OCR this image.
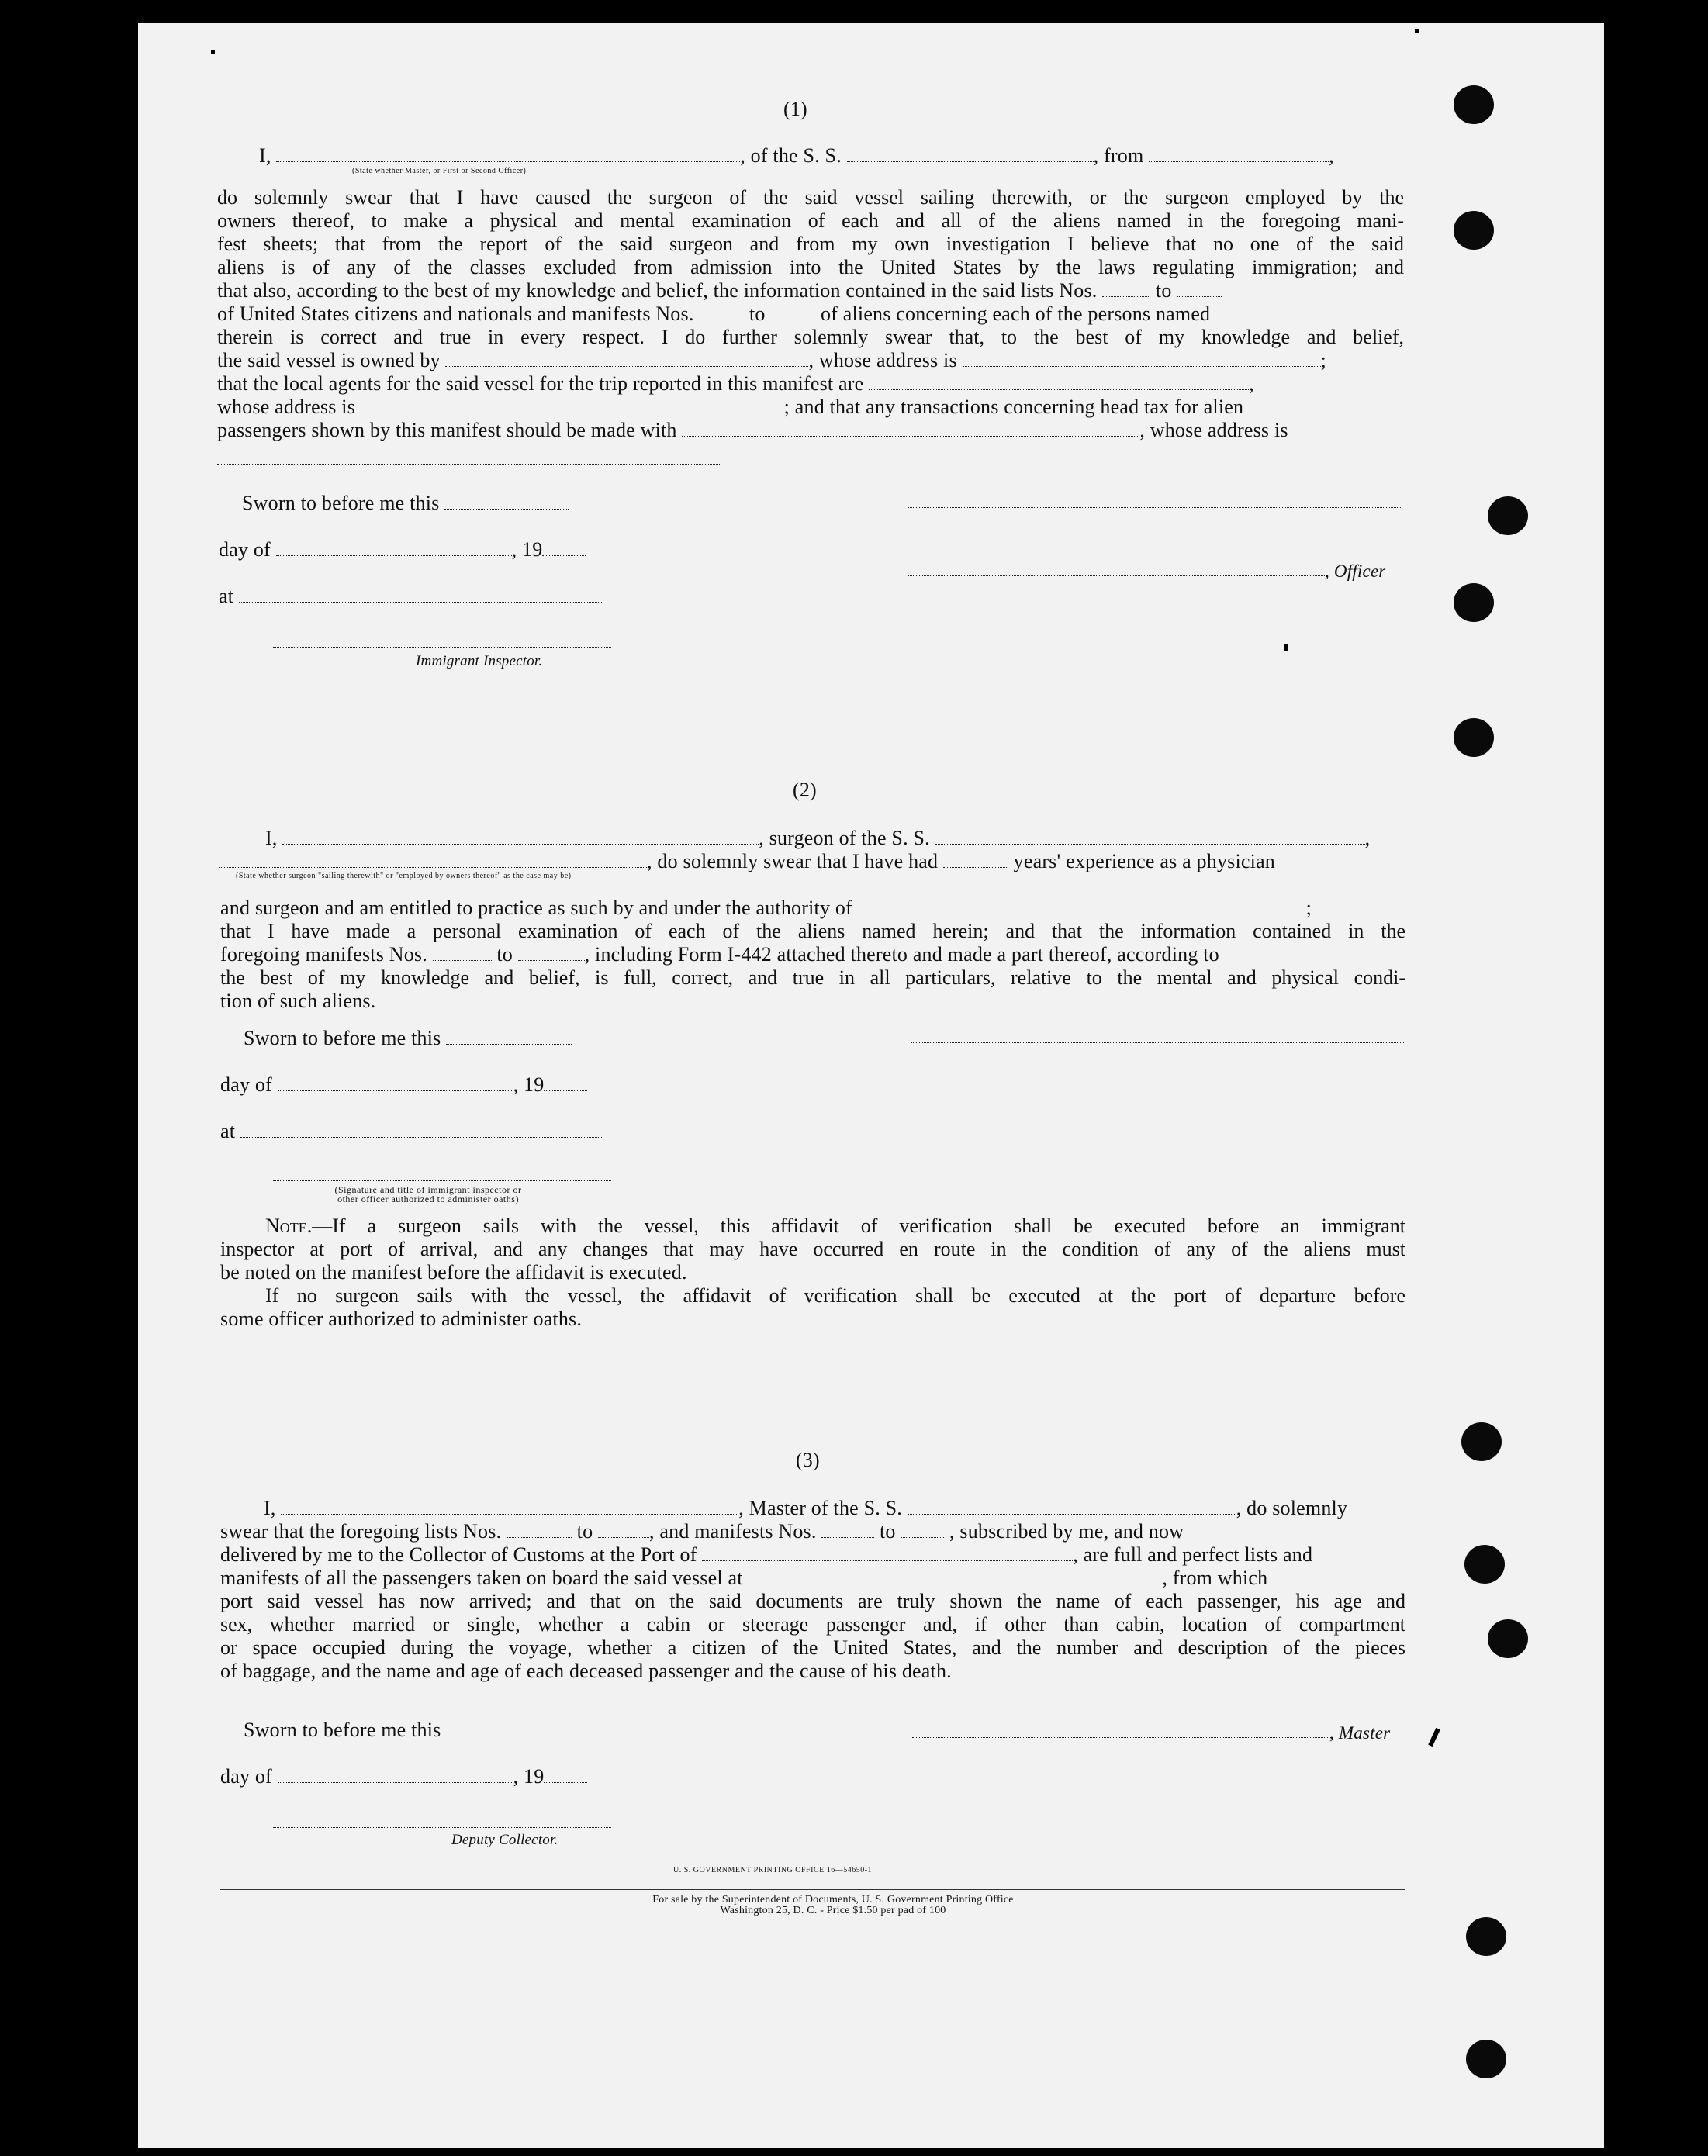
(1)
I,	, of the S. S.	, from	,
(State whether Master, or First or Second Officer)
do solemnly swear that I have caused the surgeon of the said vessel sailing therewith, or the surgeon employed by the
owners thereof, to make a physical and mental examination of each and all of the aliens named in the foregoing mani-
fest sheets; that from the report of the said surgeon and from my own investigation I believe that no one of the said
aliens is of any of the classes excluded from admission into the United States by the laws regulating immigration; and
that also, according to the best of my knowledge and belief, the information contained in the said lists Nos.	to
of United States citizens and nationals and manifests Nos.	to	of aliens concerning each of the persons named
therein is correct and true in every respect. I do further solemnly swear that, to the best of my knowledge and belief,
the said vessel is owned by	, whose address is	;
that the local agents for the said vessel for the trip reported in this manifest are	,
whose address is	; and that any transactions concerning head tax for alien
passengers shown by this manifest should be made with	, whose address is
Sworn to before me this
day of	, 19
at
Immigrant Inspector.
, Officer
(2)
I,	, surgeon of the S. S.	,
, do solemnly swear that I have had	years' experience as a physician
(State whether surgeon "sailing therewith" or "employed by owners thereof" as the case may be)
and surgeon and am entitled to practice as such by and under the authority of	;
that I have made a personal examination of each of the aliens named herein; and that the information contained in the
foregoing manifests Nos.	to	, including Form I-442 attached thereto and made a part thereof, according to
the best of my knowledge and belief, is full, correct, and true in all particulars, relative to the mental and physical condi-
tion of such aliens.
Sworn to before me this
day of	, 19
at
(Signature and title of immigrant inspector or
other officer authorized to administer oaths)
Note.—If a surgeon sails with the vessel, this affidavit of verification shall be executed before an immigrant
inspector at port of arrival, and any changes that may have occurred en route in the condition of any of the aliens must
be noted on the manifest before the affidavit is executed.
If no surgeon sails with the vessel, the affidavit of verification shall be executed at the port of departure before
some officer authorized to administer oaths.
(3)
I,	, Master of the S. S.	, do solemnly
swear that the foregoing lists Nos.	to	, and manifests Nos.	to	, subscribed by me, and now
delivered by me to the Collector of Customs at the Port of	, are full and perfect lists and
manifests of all the passengers taken on board the said vessel at	, from which
port said vessel has now arrived; and that on the said documents are truly shown the name of each passenger, his age and
sex, whether married or single, whether a cabin or steerage passenger and, if other than cabin, location of compartment
or space occupied during the voyage, whether a citizen of the United States, and the number and description of the pieces
of baggage, and the name and age of each deceased passenger and the cause of his death.
Sworn to before me this
day of	, 19
Deputy Collector.
, Master
U. S. GOVERNMENT PRINTING OFFICE 16—54650-1
For sale by the Superintendent of Documents, U. S. Government Printing Office
Washington 25, D. C. - Price $1.50 per pad of 100
